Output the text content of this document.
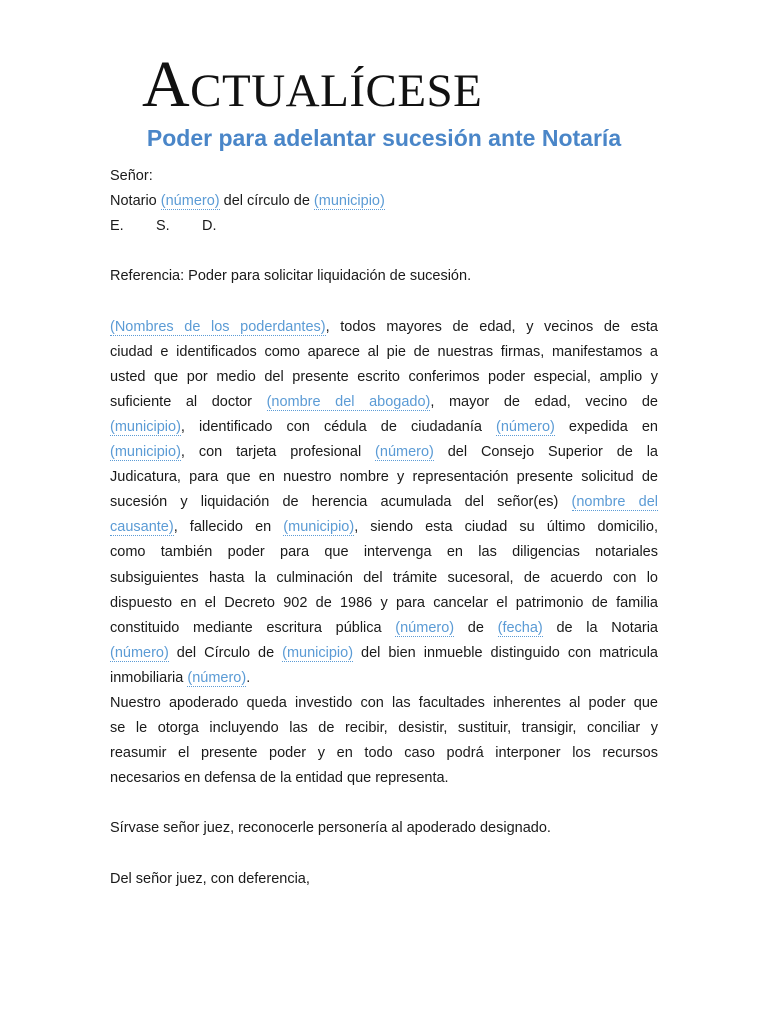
ACTUALÍCESE
Poder para adelantar sucesión ante Notaría
Señor:
Notario (número) del círculo de (municipio)
E. S. D.
Referencia: Poder para solicitar liquidación de sucesión.
(Nombres de los poderdantes), todos mayores de edad, y vecinos de esta
ciudad e identificados como aparece al pie de nuestras firmas, manifestamos a
usted que por medio del presente escrito conferimos poder especial, amplio y
suficiente al doctor (nombre del abogado), mayor de edad, vecino de
(municipio), identificado con cédula de ciudadanía (número) expedida en
(municipio), con tarjeta profesional (número) del Consejo Superior de la
Judicatura, para que en nuestro nombre y representación presente solicitud de
sucesión y liquidación de herencia acumulada del señor(es) (nombre del
causante), fallecido en (municipio), siendo esta ciudad su último domicilio,
como también poder para que intervenga en las diligencias notariales
subsiguientes hasta la culminación del trámite sucesoral, de acuerdo con lo
dispuesto en el Decreto 902 de 1986 y para cancelar el patrimonio de familia
constituido mediante escritura pública (número) de (fecha) de la Notaria
(número) del Círculo de (municipio) del bien inmueble distinguido con matricula
inmobiliaria (número).
Nuestro apoderado queda investido con las facultades inherentes al poder que
se le otorga incluyendo las de recibir, desistir, sustituir, transigir, conciliar y
reasumir el presente poder y en todo caso podrá interponer los recursos
necesarios en defensa de la entidad que representa.
Sírvase señor juez, reconocerle personería al apoderado designado.
Del señor juez, con deferencia,
